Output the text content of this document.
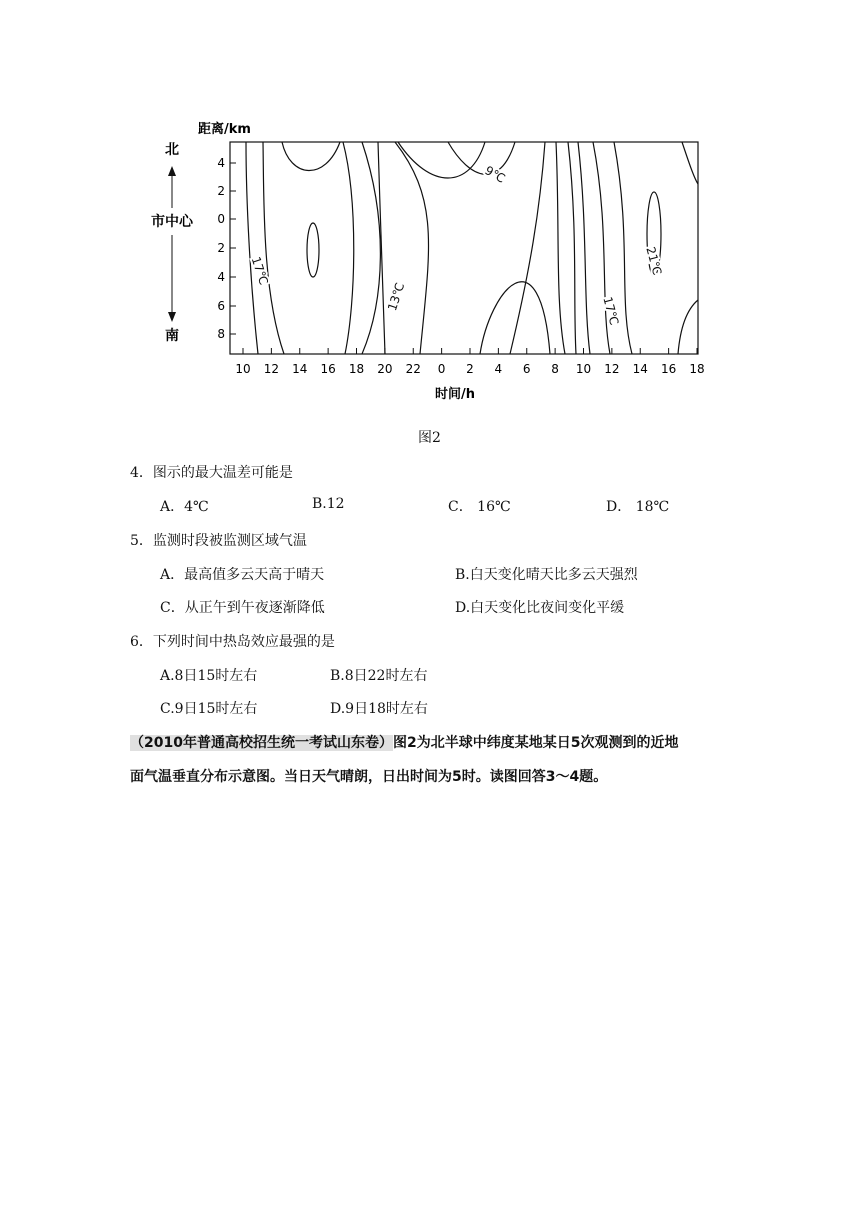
距离/km
北
市中心
南
4
2
0
2
4
6
8
10 12 14 16 18 20 22 0 2 4 6 8 10 12 14 16 18
时间/h
17℃
13℃
9℃
17℃
21℃
图2
4．图示的最大温差可能是
A．4℃	B.12	C． 16℃	D． 18℃
5．监测时段被监测区域气温
A．最高值多云天高于晴天	B.白天变化晴天比多云天强烈
C．从正午到午夜逐渐降低	D.白天变化比夜间变化平缓
6．下列时间中热岛效应最强的是
A.8日15时左右	B.8日22时左右
C.9日15时左右	D.9日18时左右
（2010年普通高校招生统一考试山东卷）图2为北半球中纬度某地某日5次观测到的近地
面气温垂直分布示意图。当日天气晴朗，日出时间为5时。读图回答3～4题。
